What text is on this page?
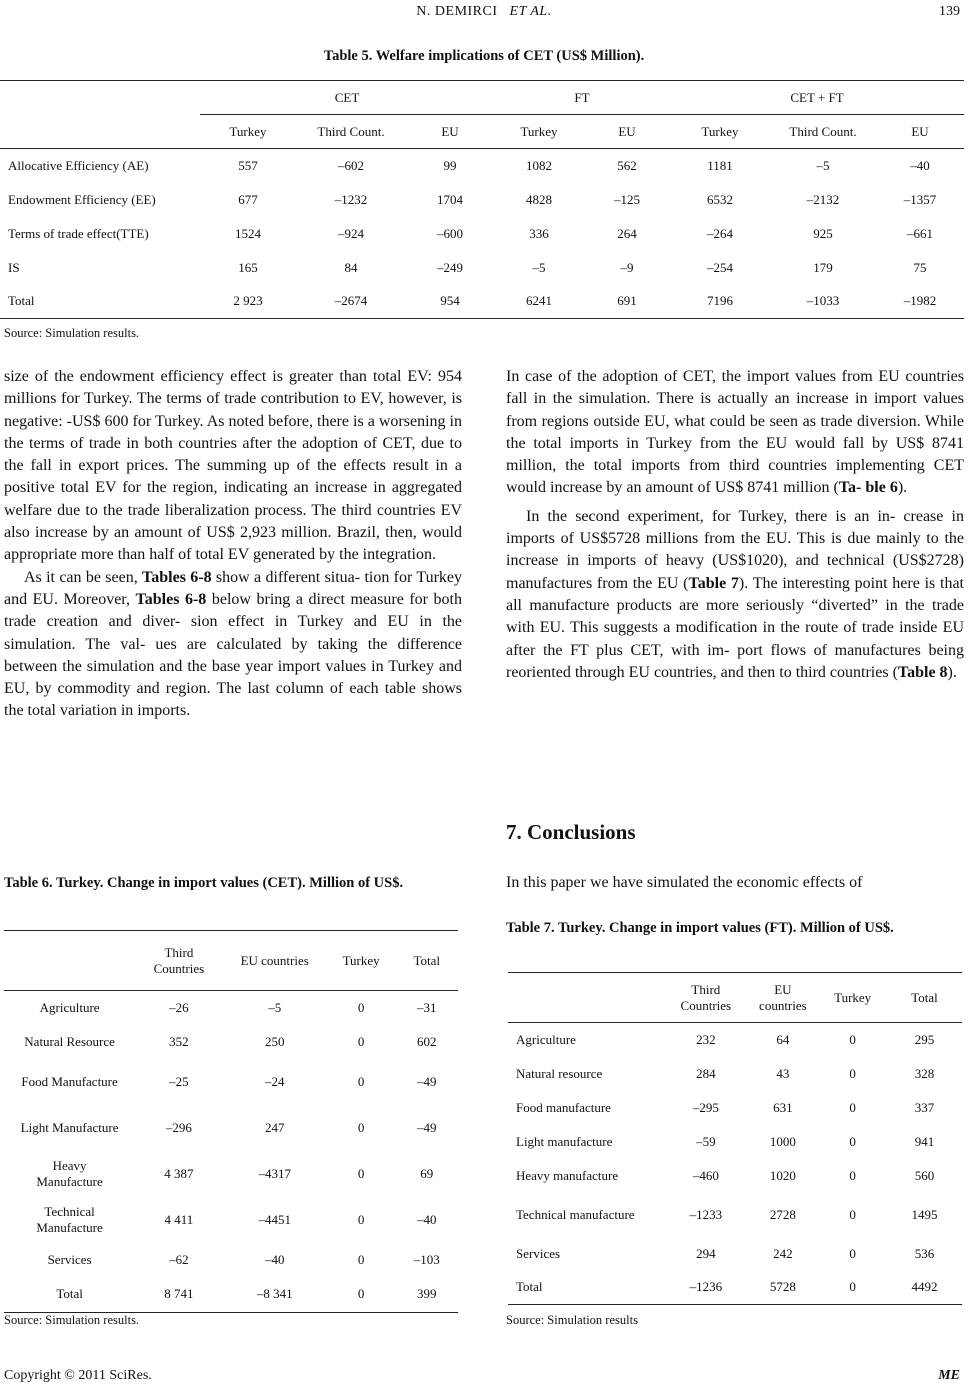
N. DEMIRCI ET AL.	139
Table 5. Welfare implications of CET (US$ Million).
	CET			FT		CET + FT		
	Turkey	Third Count.	EU	Turkey	EU	Turkey	Third Count.	EU
Allocative Efficiency (AE)	557	–602	99	1082	562	1181	–5	–40
Endowment Efficiency (EE)	677	–1232	1704	4828	–125	6532	–2132	–1357
Terms of trade effect(TTE)	1524	–924	–600	336	264	–264	925	–661
IS	165	84	–249	–5	–9	–254	179	75
Total	2 923	–2674	954	6241	691	7196	–1033	–1982
Source: Simulation results.

size of the endowment efficiency effect is greater than total EV: 954 millions for Turkey. The terms of trade contribution to EV, however, is negative: -US$ 600 for Turkey. As noted before, there is a worsening in the terms of trade in both countries after the adoption of CET, due to the fall in export prices. The summing up of the effects result in a positive total EV for the region, indicating an increase in aggregated welfare due to the trade liberalization process. The third countries EV also increase by an amount of US$ 2,923 million. Brazil, then, would appropriate more than half of total EV generated by the integration.

As it can be seen, Tables 6-8 show a different situa- tion for Turkey and EU. Moreover, Tables 6-8 below bring a direct measure for both trade creation and diver- sion effect in Turkey and EU in the simulation. The val- ues are calculated by taking the difference between the simulation and the base year import values in Turkey and EU, by commodity and region. The last column of each table shows the total variation in imports.

In case of the adoption of CET, the import values from EU countries fall in the simulation. There is actually an increase in import values from regions outside EU, what could be seen as trade diversion. While the total imports in Turkey from the EU would fall by US$ 8741 million, the total imports from third countries implementing CET would increase by an amount of US$ 8741 million (Ta- ble 6).

In the second experiment, for Turkey, there is an in- crease in imports of US$5728 millions from the EU. This is due mainly to the increase in imports of heavy (US$1020), and technical (US$2728) manufactures from the EU (Table 7). The interesting point here is that all manufacture products are more seriously “diverted” in the trade with EU. This suggests a modification in the route of trade inside EU after the FT plus CET, with im- port flows of manufactures being reoriented through EU countries, and then to third countries (Table 8).

7. Conclusions
In this paper we have simulated the economic effects of
Table 6. Turkey. Change in import values (CET). Million of US$.
	Third Countries	EU countries	Turkey	Total
Agriculture	–26	–5	0	–31
Natural Resource	352	250	0	602
Food Manufacture	–25	–24	0	–49
Light Manufacture	–296	247	0	–49
Heavy Manufacture	4 387	–4317	0	69
Technical Manufacture	4 411	–4451	0	–40
Services	–62	–40	0	–103
Total	8 741	–8 341	0	399
Source: Simulation results.
Table 7. Turkey. Change in import values (FT). Million of US$.
	Third Countries	EU countries	Turkey	Total
Agriculture	232	64	0	295
Natural resource	284	43	0	328
Food manufacture	–295	631	0	337
Light manufacture	–59	1000	0	941
Heavy manufacture	–460	1020	0	560
Technical manufacture	–1233	2728	0	1495
Services	294	242	0	536
Total	–1236	5728	0	4492
Source: Simulation results
Copyright © 2011 SciRes.	ME
